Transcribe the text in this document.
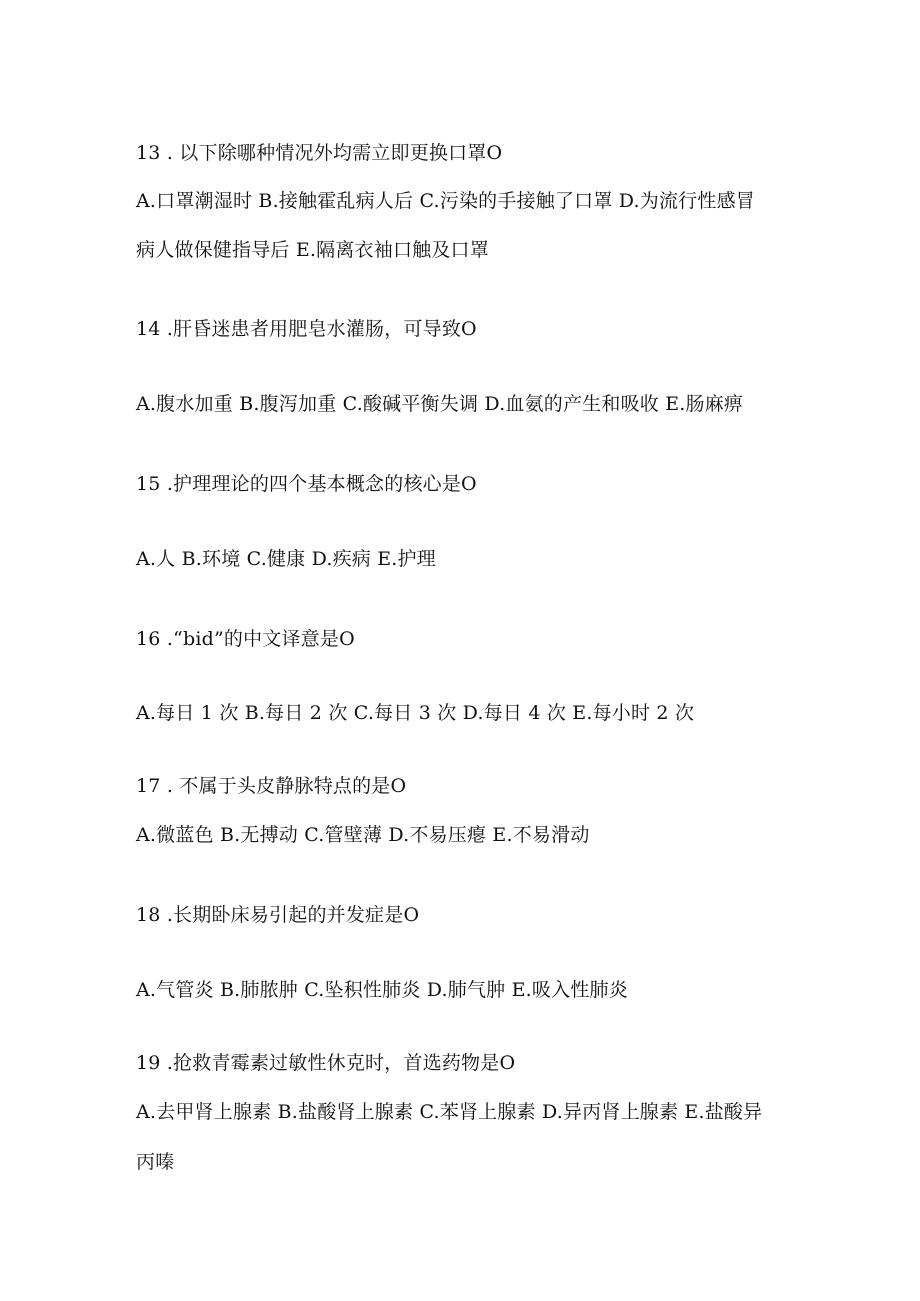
13 . 以下除哪种情况外均需立即更换口罩O
A.口罩潮湿时 B.接触霍乱病人后 C.污染的手接触了口罩 D.为流行性感冒
病人做保健指导后 E.隔离衣袖口触及口罩
14 .肝昏迷患者用肥皂水灌肠，可导致O
A.腹水加重 B.腹泻加重 C.酸碱平衡失调 D.血氨的产生和吸收 E.肠麻痹
15 .护理理论的四个基本概念的核心是O
A.人 B.环境 C.健康 D.疾病 E.护理
16 .“bid”的中文译意是O
A.每日 1 次 B.每日 2 次 C.每日 3 次 D.每日 4 次 E.每小时 2 次
17 . 不属于头皮静脉特点的是O
A.微蓝色 B.无搏动 C.管壁薄 D.不易压瘪 E.不易滑动
18 .长期卧床易引起的并发症是O
A.气管炎 B.肺脓肿 C.坠积性肺炎 D.肺气肿 E.吸入性肺炎
19 .抢救青霉素过敏性休克时，首选药物是O
A.去甲肾上腺素 B.盐酸肾上腺素 C.苯肾上腺素 D.异丙肾上腺素 E.盐酸异
丙嗪
